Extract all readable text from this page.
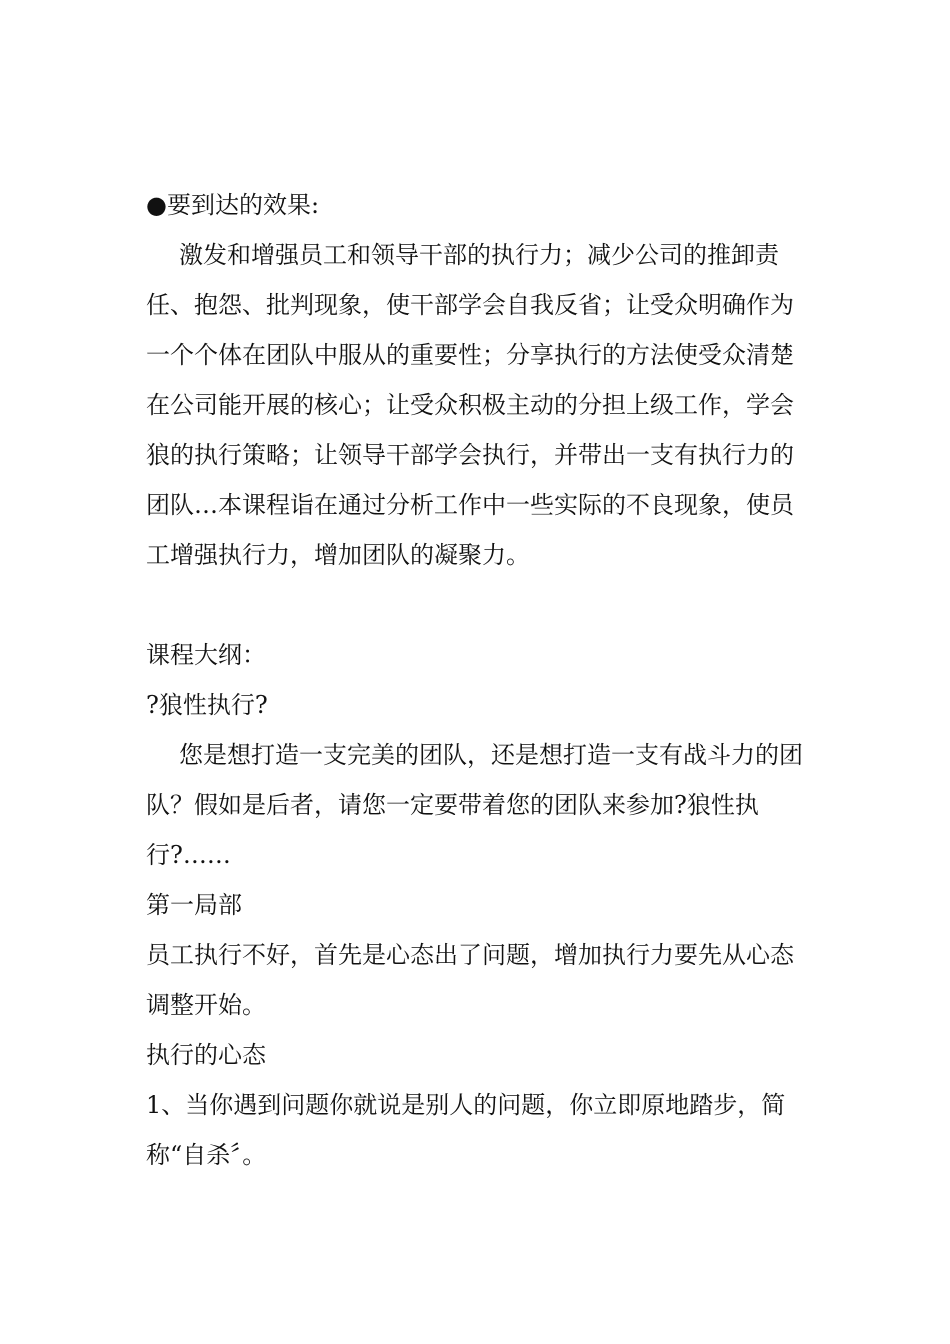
●要到达的效果:

激发和增强员工和领导干部的执行力；减少公司的推卸责任、抱怨、批判现象，使干部学会自我反省；让受众明确作为一个个体在团队中服从的重要性；分享执行的方法使受众清楚在公司能开展的核心；让受众积极主动的分担上级工作，学会狼的执行策略；让领导干部学会执行，并带出一支有执行力的团队…本课程诣在通过分析工作中一些实际的不良现象，使员工增强执行力，增加团队的凝聚力。

课程大纲：

?狼性执行?

您是想打造一支完美的团队，还是想打造一支有战斗力的团队？假如是后者，请您一定要带着您的团队来参加?狼性执行?……

第一局部

员工执行不好，首先是心态出了问题，增加执行力要先从心态调整开始。

执行的心态

1、当你遇到问题你就说是别人的问题，你立即原地踏步，简称“自杀〞。
